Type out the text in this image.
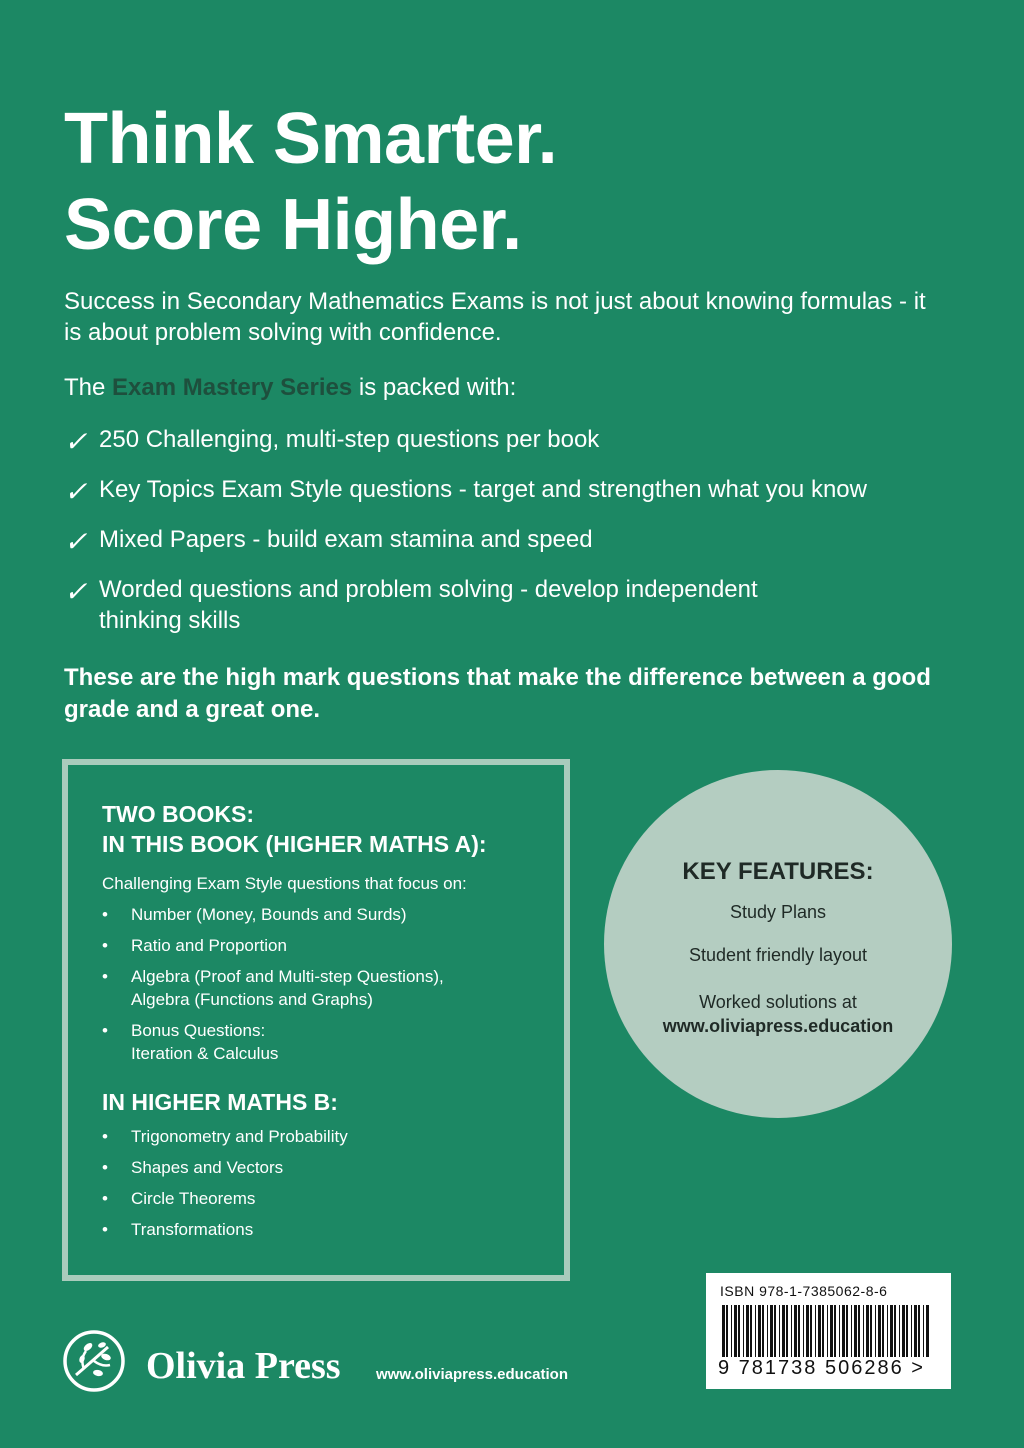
Think Smarter.
Score Higher.
Success in Secondary Mathematics Exams is not just about knowing formulas - it is about problem solving with confidence.
The Exam Mastery Series is packed with:
✓ 250 Challenging, multi-step questions per book
✓ Key Topics Exam Style questions - target and strengthen what you know
✓ Mixed Papers - build exam stamina and speed
✓ Worded questions and problem solving - develop independent thinking skills
These are the high mark questions that make the difference between a good grade and a great one.
TWO BOOKS:
IN THIS BOOK (HIGHER MATHS A):
Challenging Exam Style questions that focus on:
• Number (Money, Bounds and Surds)
• Ratio and Proportion
• Algebra (Proof and Multi-step Questions), Algebra (Functions and Graphs)
• Bonus Questions: Iteration & Calculus
IN HIGHER MATHS B:
• Trigonometry and Probability
• Shapes and Vectors
• Circle Theorems
• Transformations
KEY FEATURES:
Study Plans
Student friendly layout
Worked solutions at
www.oliviapress.education
ISBN 978-1-7385062-8-6
9 781738 506286 >
Olivia Press www.oliviapress.education
